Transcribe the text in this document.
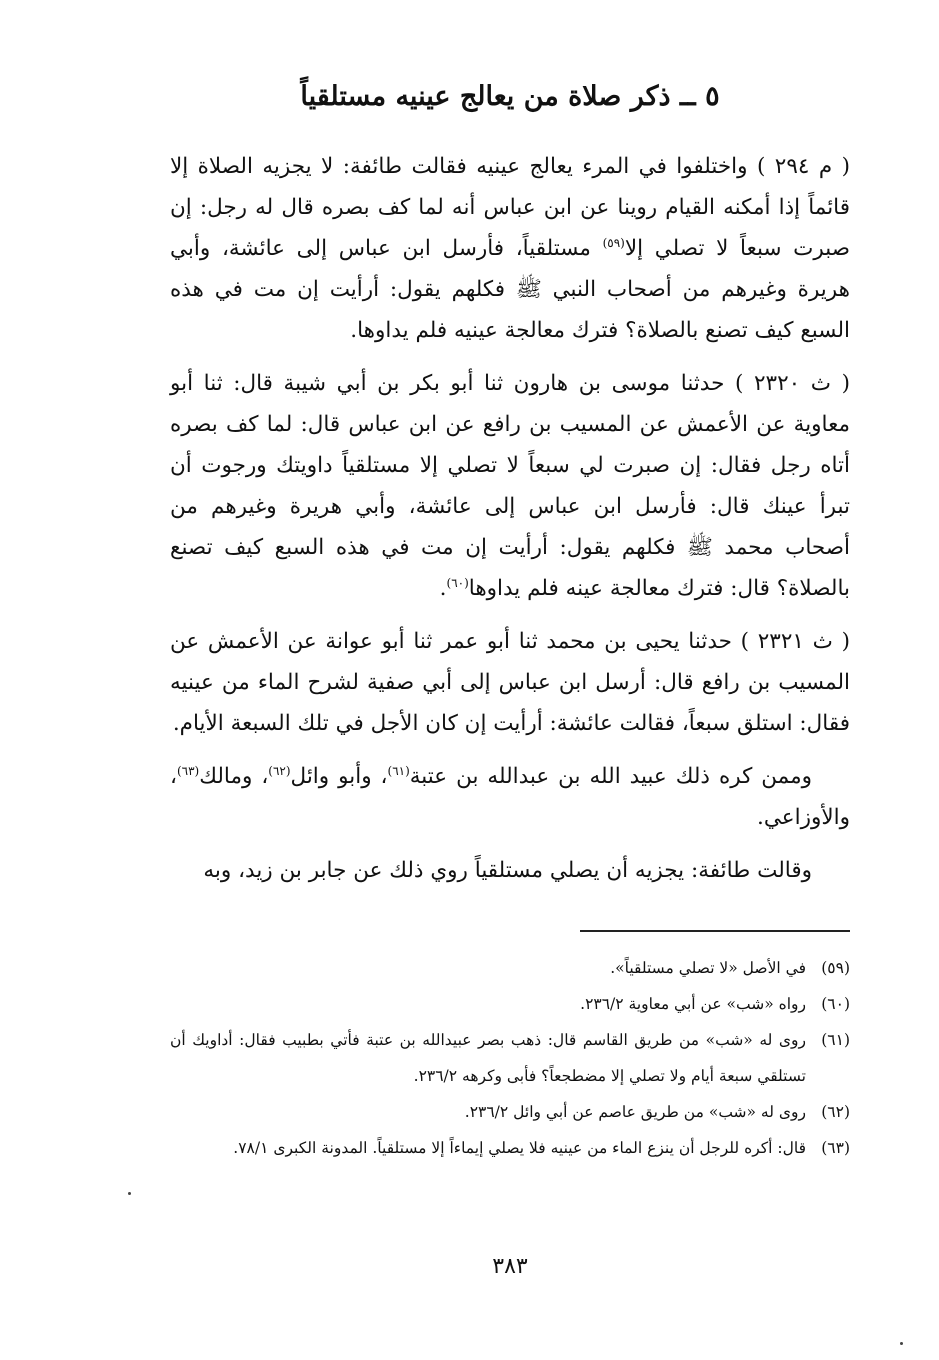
٥ ــ ذكر صلاة من يعالج عينيه مستلقياً

( م ٢٩٤ ) واختلفوا في المرء يعالج عينيه فقالت طائفة: لا يجزيه الصلاة إلا قائماً إذا أمكنه القيام روينا عن ابن عباس أنه لما كف بصره قال له رجل: إن صبرت سبعاً لا تصلي إلا$^{(٥٩)}$ مستلقياً، فأرسل ابن عباس إلى عائشة، وأبي هريرة وغيرهم من أصحاب النبي ﷺ فكلهم يقول: أرأيت إن مت في هذه السبع كيف تصنع بالصلاة؟ فترك معالجة عينيه فلم يداوها.

( ث ٢٣٢٠ ) حدثنا موسى بن هارون ثنا أبو بكر بن أبي شيبة قال: ثنا أبو معاوية عن الأعمش عن المسيب بن رافع عن ابن عباس قال: لما كف بصره أتاه رجل فقال: إن صبرت لي سبعاً لا تصلي إلا مستلقياً داويتك ورجوت أن تبرأ عينك قال: فأرسل ابن عباس إلى عائشة، وأبي هريرة وغيرهم من أصحاب محمد ﷺ فكلهم يقول: أرأيت إن مت في هذه السبع كيف تصنع بالصلاة؟ قال: فترك معالجة عينه فلم يداوها$^{(٦٠)}$.

( ث ٢٣٢١ ) حدثنا يحيى بن محمد ثنا أبو عمر ثنا أبو عوانة عن الأعمش عن المسيب بن رافع قال: أرسل ابن عباس إلى أبي صفية لشرح الماء من عينيه فقال: استلق سبعاً، فقالت عائشة: أرأيت إن كان الأجل في تلك السبعة الأيام.

وممن كره ذلك عبيد الله بن عبدالله بن عتبة$^{(٦١)}$، وأبو وائل$^{(٦٢)}$، ومالك$^{(٦٣)}$، والأوزاعي.

وقالت طائفة: يجزيه أن يصلي مستلقياً روي ذلك عن جابر بن زيد، وبه

(٥٩)
في الأصل «لا تصلي مستلقياً».

(٦٠)
رواه «شب» عن أبي معاوية ٢٣٦/٢.

(٦١)
روى له «شب» من طريق القاسم قال: ذهب بصر عبيدالله بن عتبة فأتي بطبيب فقال: أداويك أن تستلقي سبعة أيام ولا تصلي إلا مضطجعاً؟ فأبى وكرهه ٢٣٦/٢.

(٦٢)
روى له «شب» من طريق عاصم عن أبي وائل ٢٣٦/٢.

(٦٣)
قال: أكره للرجل أن ينزع الماء من عينيه فلا يصلي إيماءاً إلا مستلقياً. المدونة الكبرى ٧٨/١.

٣٨٣
